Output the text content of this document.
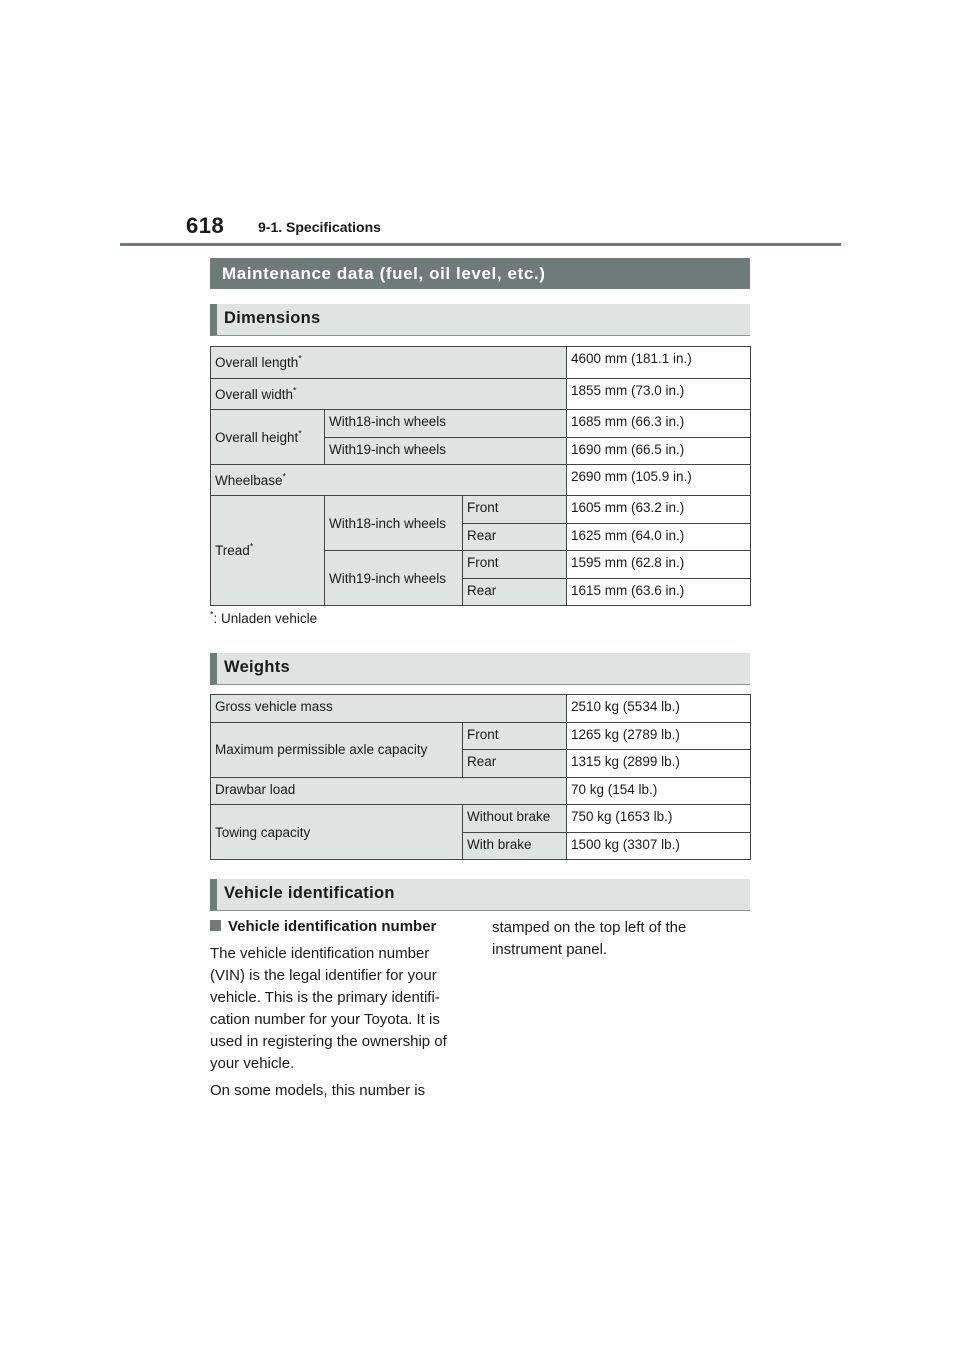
618 9-1. Specifications
Maintenance data (fuel, oil level, etc.)
Dimensions
Overall length*			4600 mm (181.1 in.)
Overall width*			1855 mm (73.0 in.)
Overall height*	With18-inch wheels		1685 mm (66.3 in.)
	With19-inch wheels		1690 mm (66.5 in.)
Wheelbase*			2690 mm (105.9 in.)
Tread*	With18-inch wheels	Front	1605 mm (63.2 in.)
		Rear	1625 mm (64.0 in.)
	With19-inch wheels	Front	1595 mm (62.8 in.)
		Rear	1615 mm (63.6 in.)
*: Unladen vehicle
Weights
Gross vehicle mass		2510 kg (5534 lb.)
Maximum permissible axle capacity	Front	1265 kg (2789 lb.)
	Rear	1315 kg (2899 lb.)
Drawbar load		70 kg (154 lb.)
Towing capacity	Without brake	750 kg (1653 lb.)
	With brake	1500 kg (3307 lb.)
Vehicle identification
Vehicle identification number

The vehicle identification number (VIN) is the legal identifier for your vehicle. This is the primary identifi-cation number for your Toyota. It is used in registering the ownership of your vehicle.

On some models, this number is

stamped on the top left of the instrument panel.
